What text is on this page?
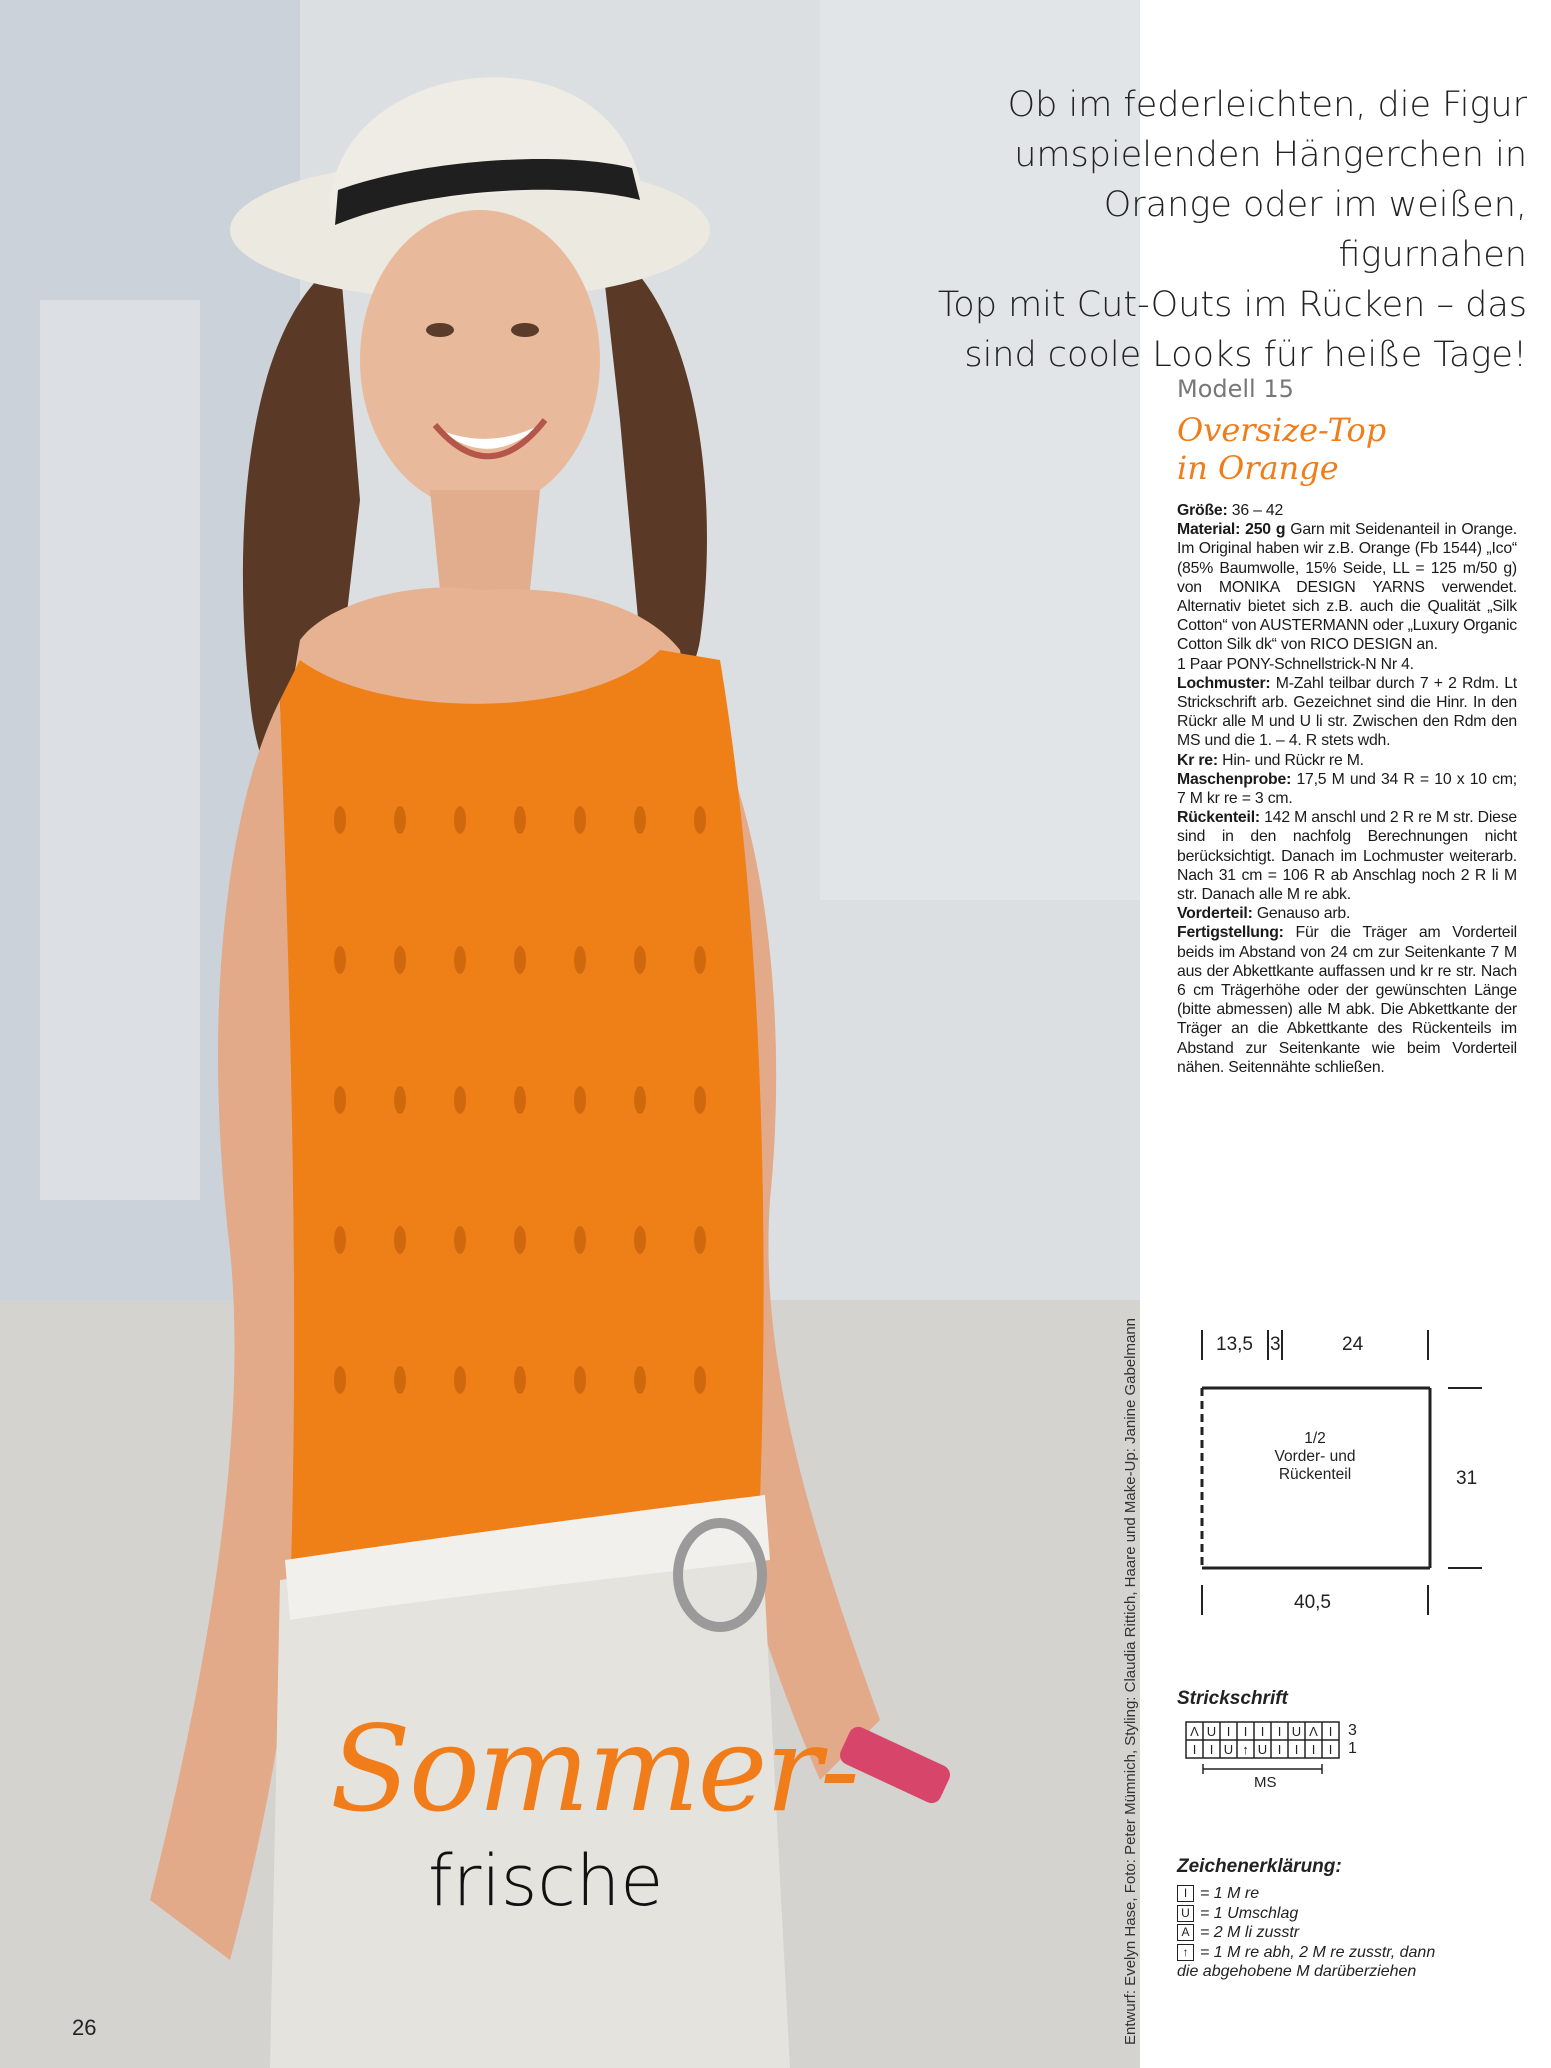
Ob im federleichten, die Figur
umspielenden Hängerchen in
Orange oder im weißen, figurnahen
Top mit Cut-Outs im Rücken – das
sind coole Looks für heiße Tage!
Modell 15
Oversize-Top
in Orange

Größe: 36 – 42

Material: 250 g Garn mit Seidenanteil in Orange. Im Original haben wir z.B. Orange (Fb 1544) „Ico“ (85% Baumwolle, 15% Seide, LL = 125 m/50 g) von MONIKA DESIGN YARNS verwendet. Alternativ bietet sich z.B. auch die Qualität „Silk Cotton“ von AUSTERMANN oder „Luxury Organic Cotton Silk dk“ von RICO DESIGN an.

1 Paar PONY-Schnellstrick-N Nr 4.

Lochmuster: M-Zahl teilbar durch 7 + 2 Rdm. Lt Strickschrift arb. Gezeichnet sind die Hinr. In den Rückr alle M und U li str. Zwischen den Rdm den MS und die 1. – 4. R stets wdh.

Kr re: Hin- und Rückr re M.

Maschenprobe: 17,5 M und 34 R = 10 x 10 cm; 7 M kr re = 3 cm.

Rückenteil: 142 M anschl und 2 R re M str. Diese sind in den nachfolg Berechnungen nicht berücksichtigt. Danach im Lochmuster weiterarb. Nach 31 cm = 106 R ab Anschlag noch 2 R li M str. Danach alle M re abk.

Vorderteil: Genauso arb.

Fertigstellung: Für die Träger am Vorderteil beids im Abstand von 24 cm zur Seitenkante 7 M aus der Abkettkante auffassen und kr re str. Nach 6 cm Trägerhöhe oder der gewünschten Länge (bitte abmessen) alle M abk. Die Abkettkante der Träger an die Abkettkante des Rückenteils im Abstand zur Seitenkante wie beim Vorderteil nähen. Seitennähte schließen.

13,5 3	24
31
40,5
1/2
Vorder- und
Rückenteil
Strickschrift
Λ U I I I I U Λ I
I I U ↑ U I I I I
3
1
MS
Zeichenerklärung:
I = 1 M re
U = 1 Umschlag
A = 2 M li zusstr
↑ = 1 M re abh, 2 M re zusstr, dann
die abgehobene M darüberziehen
Sommer-
frische	Entwurf: Evelyn Hase, Foto: Peter Mümnich, Styling: Claudia Rittich, Haare und Make-Up: Janine Gabelmann
26
